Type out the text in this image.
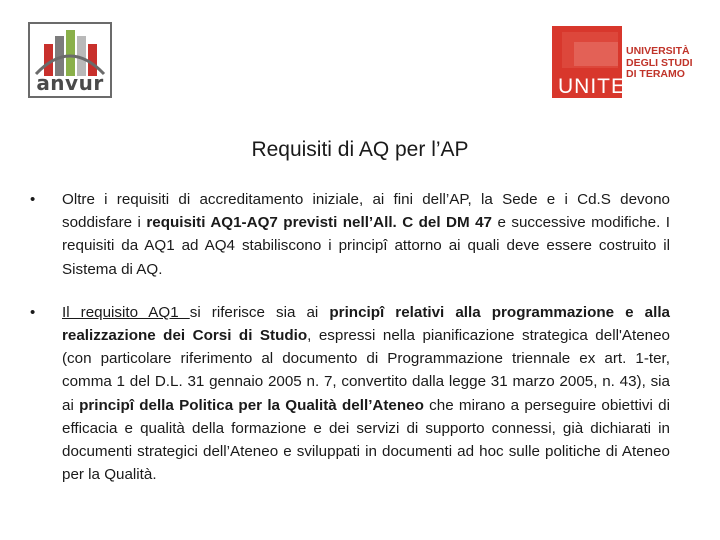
anvur	UNITE
UNIVERSITÀ
DEGLI STUDI
DI TERAMO
Requisiti di AQ per l’AP
• Oltre i requisiti di accreditamento iniziale, ai fini dell’AP, la Sede e i Cd.S devono soddisfare i requisiti AQ1-AQ7 previsti nell’All. C del DM 47 e successive modifiche. I requisiti da AQ1 ad AQ4 stabiliscono i principî attorno ai quali deve essere costruito il Sistema di AQ.
• Il requisito AQ1 si riferisce sia ai principî relativi alla programmazione e alla realizzazione dei Corsi di Studio, espressi nella pianificazione strategica dell'Ateneo (con particolare riferimento al documento di Programmazione triennale ex art. 1-ter, comma 1 del D.L. 31 gennaio 2005 n. 7, convertito dalla legge 31 marzo 2005, n. 43), sia ai principî della Politica per la Qualità dell’Ateneo che mirano a perseguire obiettivi di efficacia e qualità della formazione e dei servizi di supporto connessi, già dichiarati in documenti strategici dell’Ateneo e sviluppati in documenti ad hoc sulle politiche di Ateneo per la Qualità.
